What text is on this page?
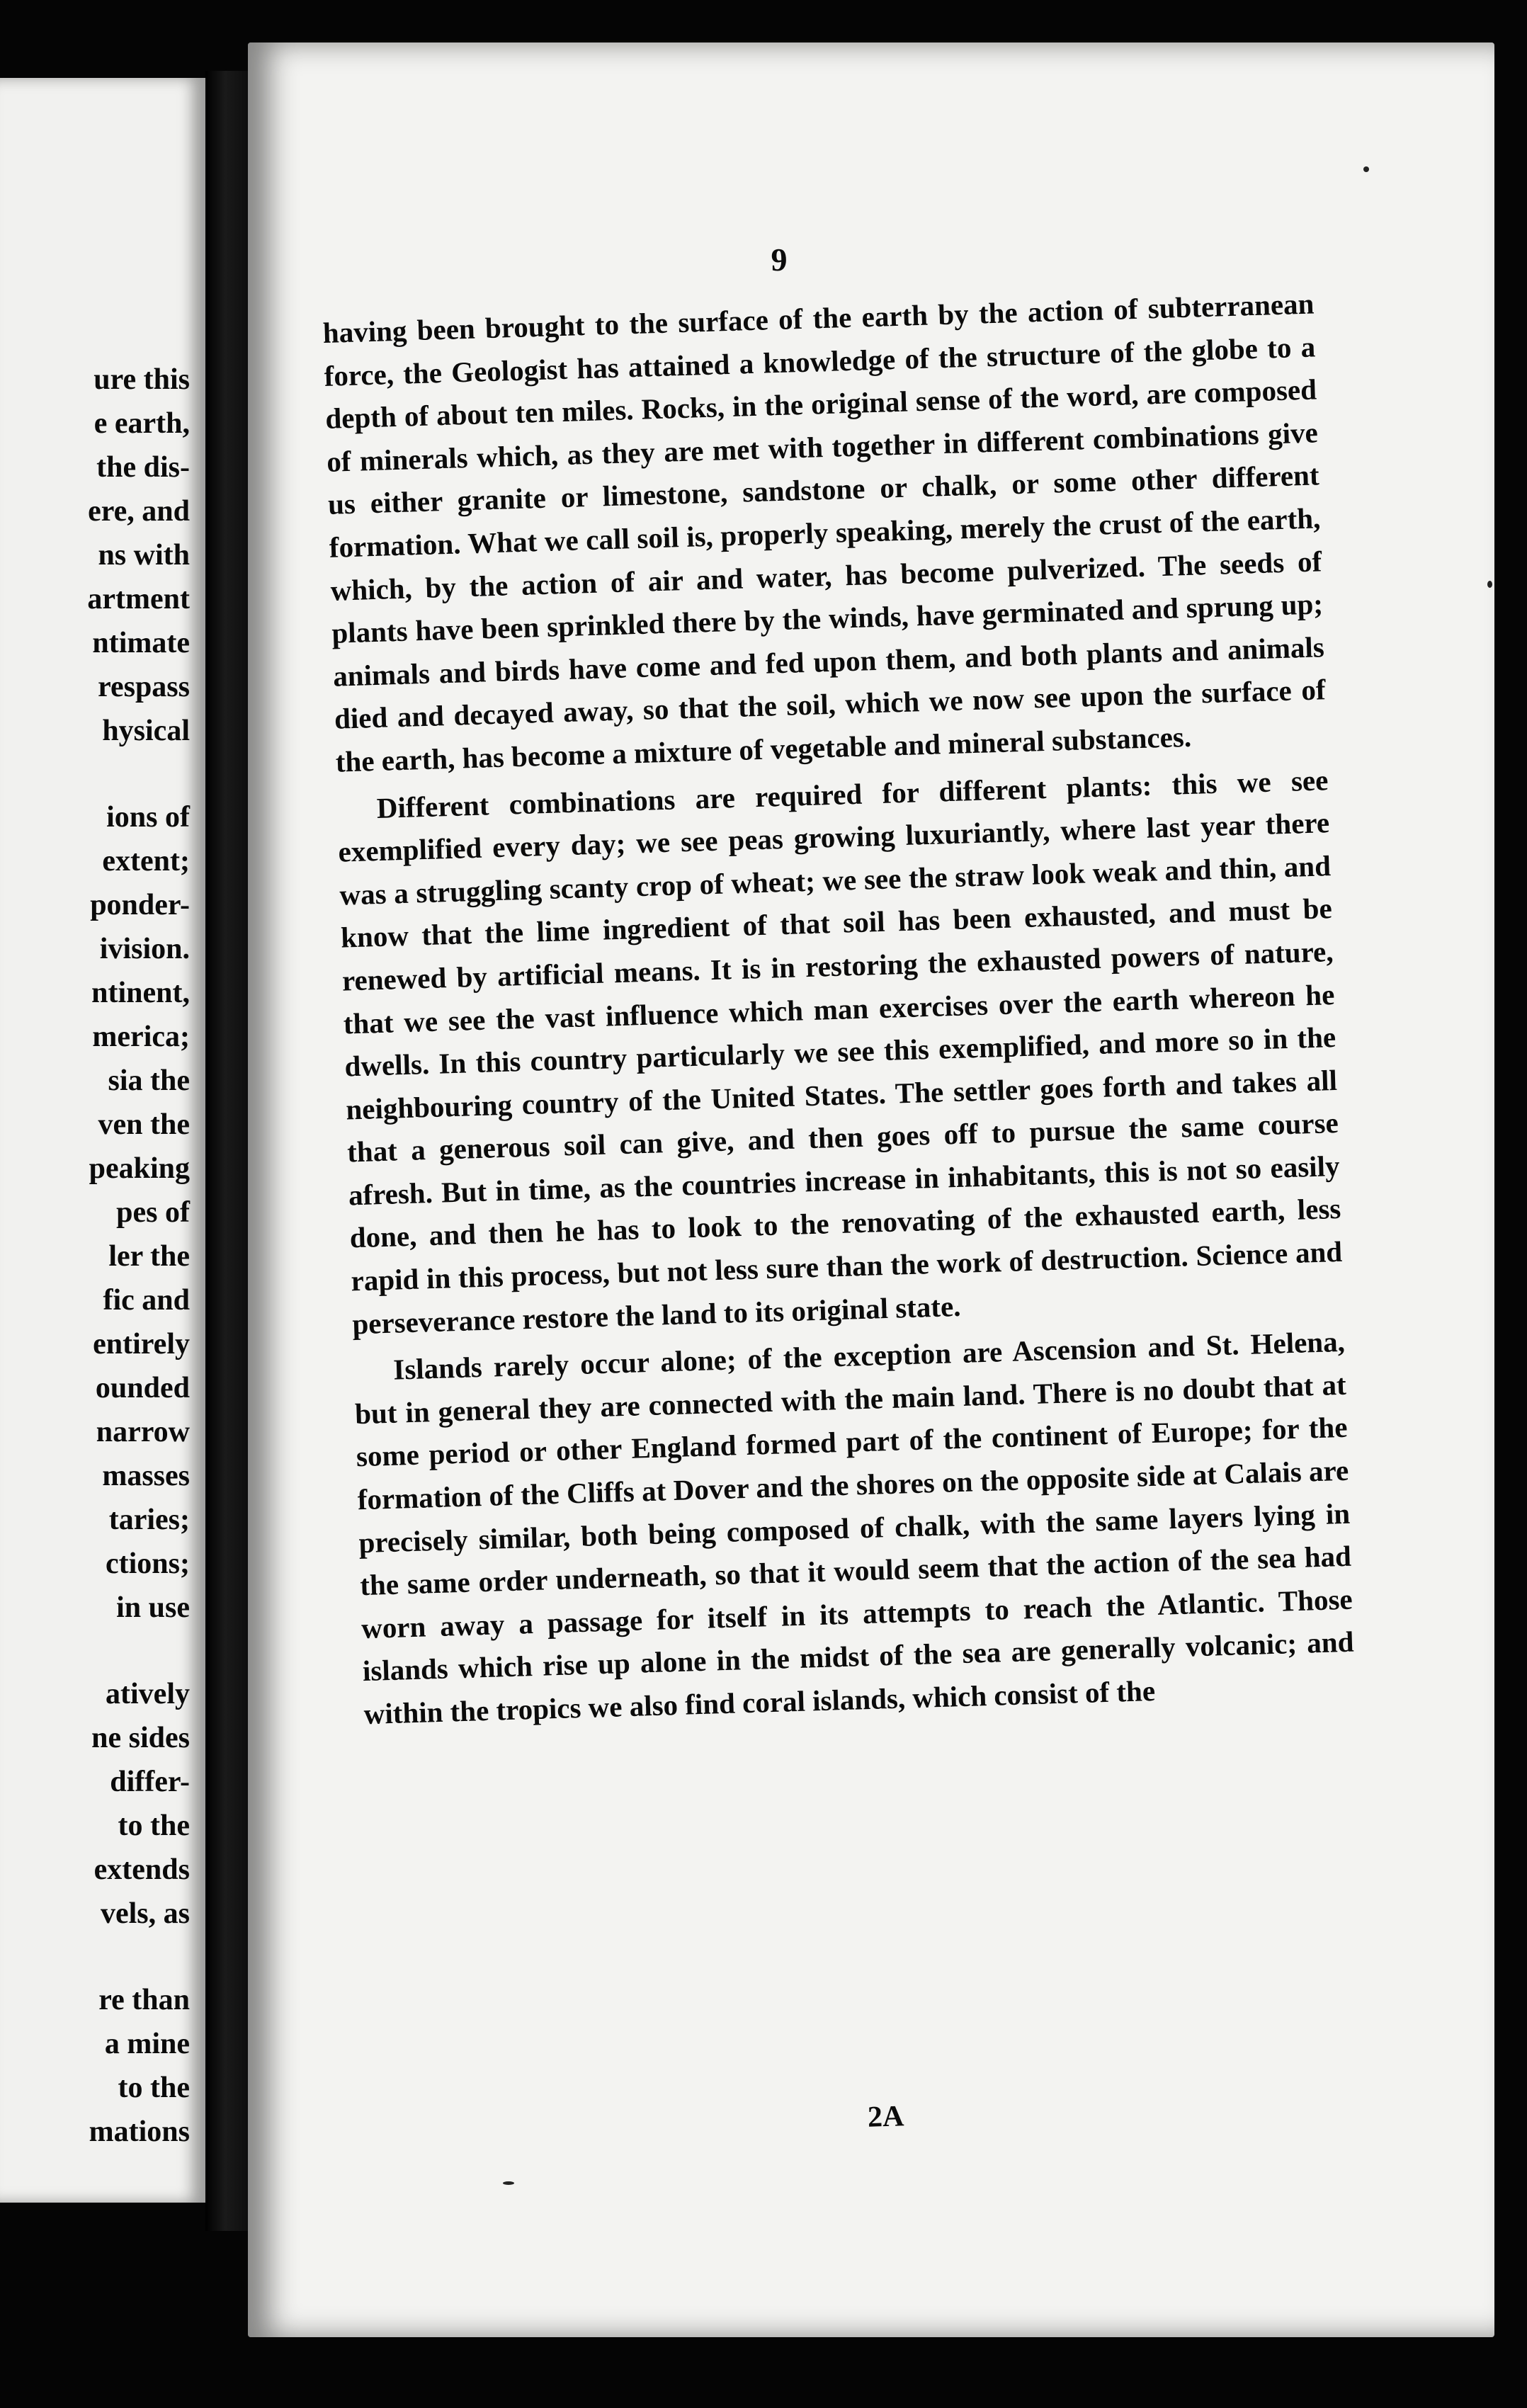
ure this
e earth,
the dis-
ere, and
ns with
artment
ntimate
respass
hysical
ions of
extent;
ponder-
ivision.
ntinent,
merica;
sia the
ven the
peaking
pes of
ler the
fic and
entirely
ounded
narrow
masses
taries;
ctions;
in use
atively
ne sides
differ-
to the
extends
vels, as
re than
a mine
to the
mations
9

having been brought to the surface of the earth by the action of subterranean force, the Geologist has attained a knowledge of the structure of the globe to a depth of about ten miles. Rocks, in the original sense of the word, are composed of minerals which, as they are met with together in different combinations give us either granite or limestone, sandstone or chalk, or some other different formation. What we call soil is, properly speaking, merely the crust of the earth, which, by the action of air and water, has become pulverized. The seeds of plants have been sprinkled there by the winds, have germinated and sprung up; animals and birds have come and fed upon them, and both plants and animals died and decayed away, so that the soil, which we now see upon the surface of the earth, has become a mixture of vegetable and mineral substances.

Different combinations are required for different plants: this we see exemplified every day; we see peas growing luxuriantly, where last year there was a struggling scanty crop of wheat; we see the straw look weak and thin, and know that the lime ingredient of that soil has been exhausted, and must be renewed by artificial means. It is in restoring the exhausted powers of nature, that we see the vast influence which man exercises over the earth whereon he dwells. In this country particularly we see this exemplified, and more so in the neighbouring country of the United States. The settler goes forth and takes all that a generous soil can give, and then goes off to pursue the same course afresh. But in time, as the countries increase in inhabitants, this is not so easily done, and then he has to look to the renovating of the exhausted earth, less rapid in this process, but not less sure than the work of destruction. Science and perseverance restore the land to its original state.

Islands rarely occur alone; of the exception are Ascension and St. Helena, but in general they are connected with the main land. There is no doubt that at some period or other England formed part of the continent of Europe; for the formation of the Cliffs at Dover and the shores on the opposite side at Calais are precisely similar, both being composed of chalk, with the same layers lying in the same order underneath, so that it would seem that the action of the sea had worn away a passage for itself in its attempts to reach the Atlantic. Those islands which rise up alone in the midst of the sea are generally volcanic; and within the tropics we also find coral islands, which consist of the

2A
